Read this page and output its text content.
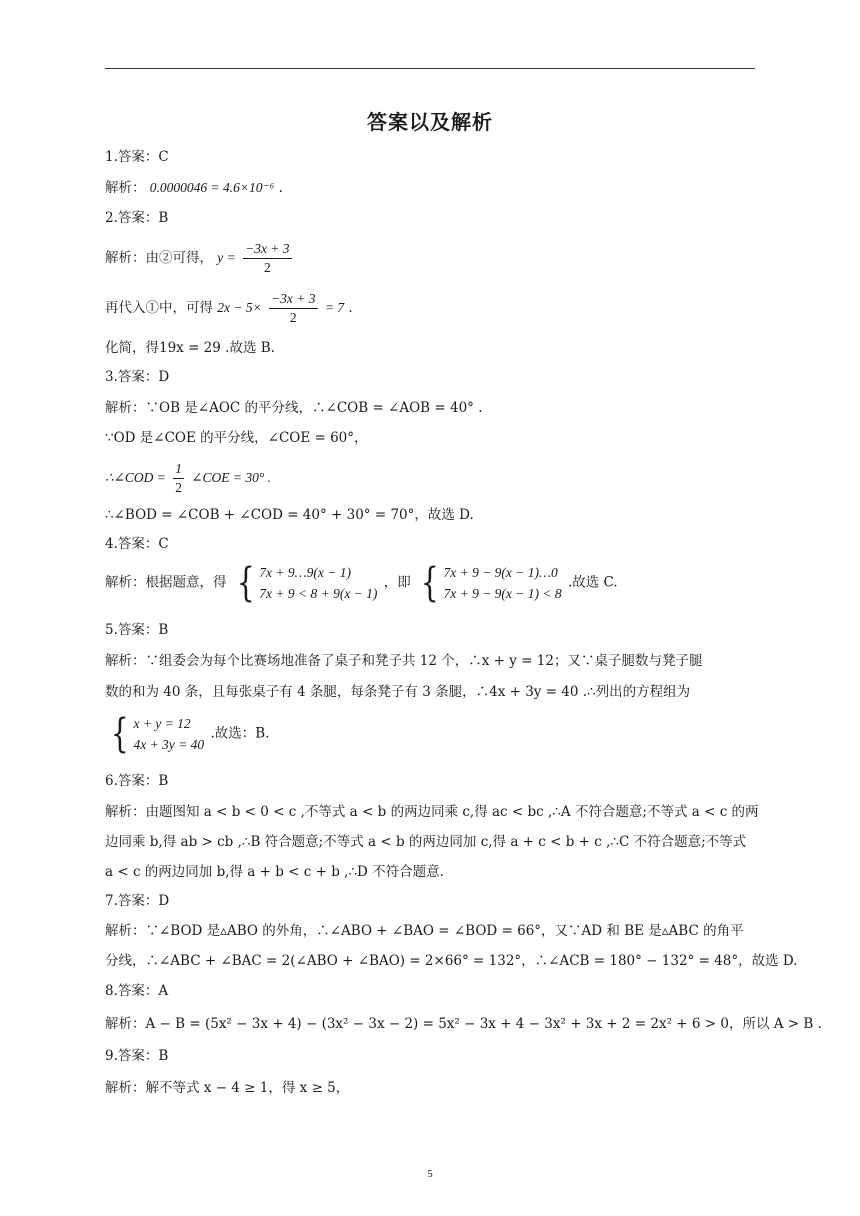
答案以及解析
1.答案：C
解析： 0.0000046 = 4.6×10⁻⁶ .
2.答案：B
解析：由②可得， $y = \frac{-3x + 3}{2}$
再代入①中，可得 $2x - 5\times \frac{-3x + 3}{2} = 7$ .
化简，得19x = 29 .故选 B.
3.答案：D
解析：∵OB 是∠AOC 的平分线，∴∠COB = ∠AOB = 40° .
∵OD 是∠COE 的平分线，∠COE = 60°，
∴∠COD = $\frac{1}{2}$ ∠COE = 30° .
∴∠BOD = ∠COB + ∠COD = 40° + 30° = 70°，故选 D.
4.答案：C
解析：根据题意，得 { 7x + 9…9(x − 1)
7x + 9 < 8 + 9(x − 1)
，即 { 7x + 9 − 9(x − 1)…0
7x + 9 − 9(x − 1) < 8
.故选 C.
5.答案：B
解析：∵组委会为每个比赛场地准备了桌子和凳子共 12 个，∴x + y = 12；又∵桌子腿数与凳子腿
数的和为 40 条，且每张桌子有 4 条腿，每条凳子有 3 条腿，∴4x + 3y = 40 .∴列出的方程组为
{ x + y = 12
4x + 3y = 40
.故选：B.
6.答案：B
解析：由题图知 a < b < 0 < c ,不等式 a < b 的两边同乘 c,得 ac < bc ,∴A 不符合题意;不等式 a < c 的两
边同乘 b,得 ab > cb ,∴B 符合题意;不等式 a < b 的两边同加 c,得 a + c < b + c ,∴C 不符合题意;不等式
a < c 的两边同加 b,得 a + b < c + b ,∴D 不符合题意.
7.答案：D
解析：∵∠BOD 是▵ABO 的外角，∴∠ABO + ∠BAO = ∠BOD = 66°，又∵AD 和 BE 是▵ABC 的角平
分线，∴∠ABC + ∠BAC = 2(∠ABO + ∠BAO) = 2×66° = 132°，∴∠ACB = 180° − 132° = 48°，故选 D.
8.答案：A
解析：A − B = (5x² − 3x + 4) − (3x² − 3x − 2) = 5x² − 3x + 4 − 3x² + 3x + 2 = 2x² + 6 > 0，所以 A > B .
9.答案：B
解析：解不等式 x − 4 ≥ 1，得 x ≥ 5，
5
